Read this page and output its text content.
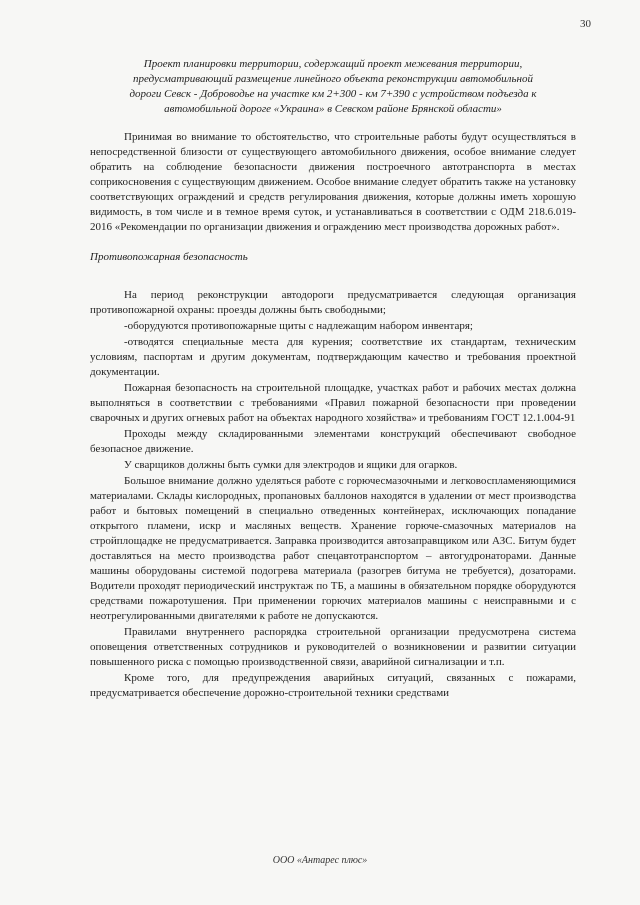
30
Проект планировки территории, содержащий проект межевания территории,
предусматривающий размещение линейного объекта реконструкции автомобильной
дороги Севск - Доброводье на участке км 2+300 - км 7+390 с устройством подъезда к
автомобильной дороге «Украина» в Севском районе Брянской области»

Принимая во внимание то обстоятельство, что строительные работы будут осуществляться в непосредственной близости от существующего автомобильного движения, особое внимание следует обратить на соблюдение безопасности движения построечного автотранспорта в местах соприкосновения с существующим движением. Особое внимание следует обратить также на установку соответствующих ограждений и средств регулирования движения, которые должны иметь хорошую видимость, в том числе и в темное время суток, и устанавливаться в соответствии с ОДМ 218.6.019-2016 «Рекомендации по организации движения и ограждению мест производства дорожных работ».

Противопожарная безопасность

На период реконструкции автодороги предусматривается следующая организация противопожарной охраны: проезды должны быть свободными;

-оборудуются противопожарные щиты с надлежащим набором инвентаря;

-отводятся специальные места для курения; соответствие их стандартам, техническим условиям, паспортам и другим документам, подтверждающим качество и требования проектной документации.

Пожарная безопасность на строительной площадке, участках работ и рабочих местах должна выполняться в соответствии с требованиями «Правил пожарной безопасности при проведении сварочных и других огневых работ на объектах народного хозяйства» и требованиям ГОСТ 12.1.004-91

Проходы между складированными элементами конструкций обеспечивают свободное безопасное движение.

У сварщиков должны быть сумки для электродов и ящики для огарков.

Большое внимание должно уделяться работе с горючесмазочными и легковоспламеняющимися материалами. Склады кислородных, пропановых баллонов находятся в удалении от мест производства работ и бытовых помещений в специально отведенных контейнерах, исключающих попадание открытого пламени, искр и масляных веществ. Хранение горюче-смазочных материалов на стройплощадке не предусматривается. Заправка производится автозаправщиком или АЗС. Битум будет доставляться на место производства работ спецавтотранспортом – автогудронаторами. Данные машины оборудованы системой подогрева материала (разогрев битума не требуется), дозаторами. Водители проходят периодический инструктаж по ТБ, а машины в обязательном порядке оборудуются средствами пожаротушения. При применении горючих материалов машины с неисправными и с неотрегулированными двигателями к работе не допускаются.

Правилами внутреннего распорядка строительной организации предусмотрена система оповещения ответственных сотрудников и руководителей о возникновении и развитии ситуации повышенного риска с помощью производственной связи, аварийной сигнализации и т.п.

Кроме того, для предупреждения аварийных ситуаций, связанных с пожарами, предусматривается обеспечение дорожно-строительной техники средствами

ООО «Антарес плюс»
